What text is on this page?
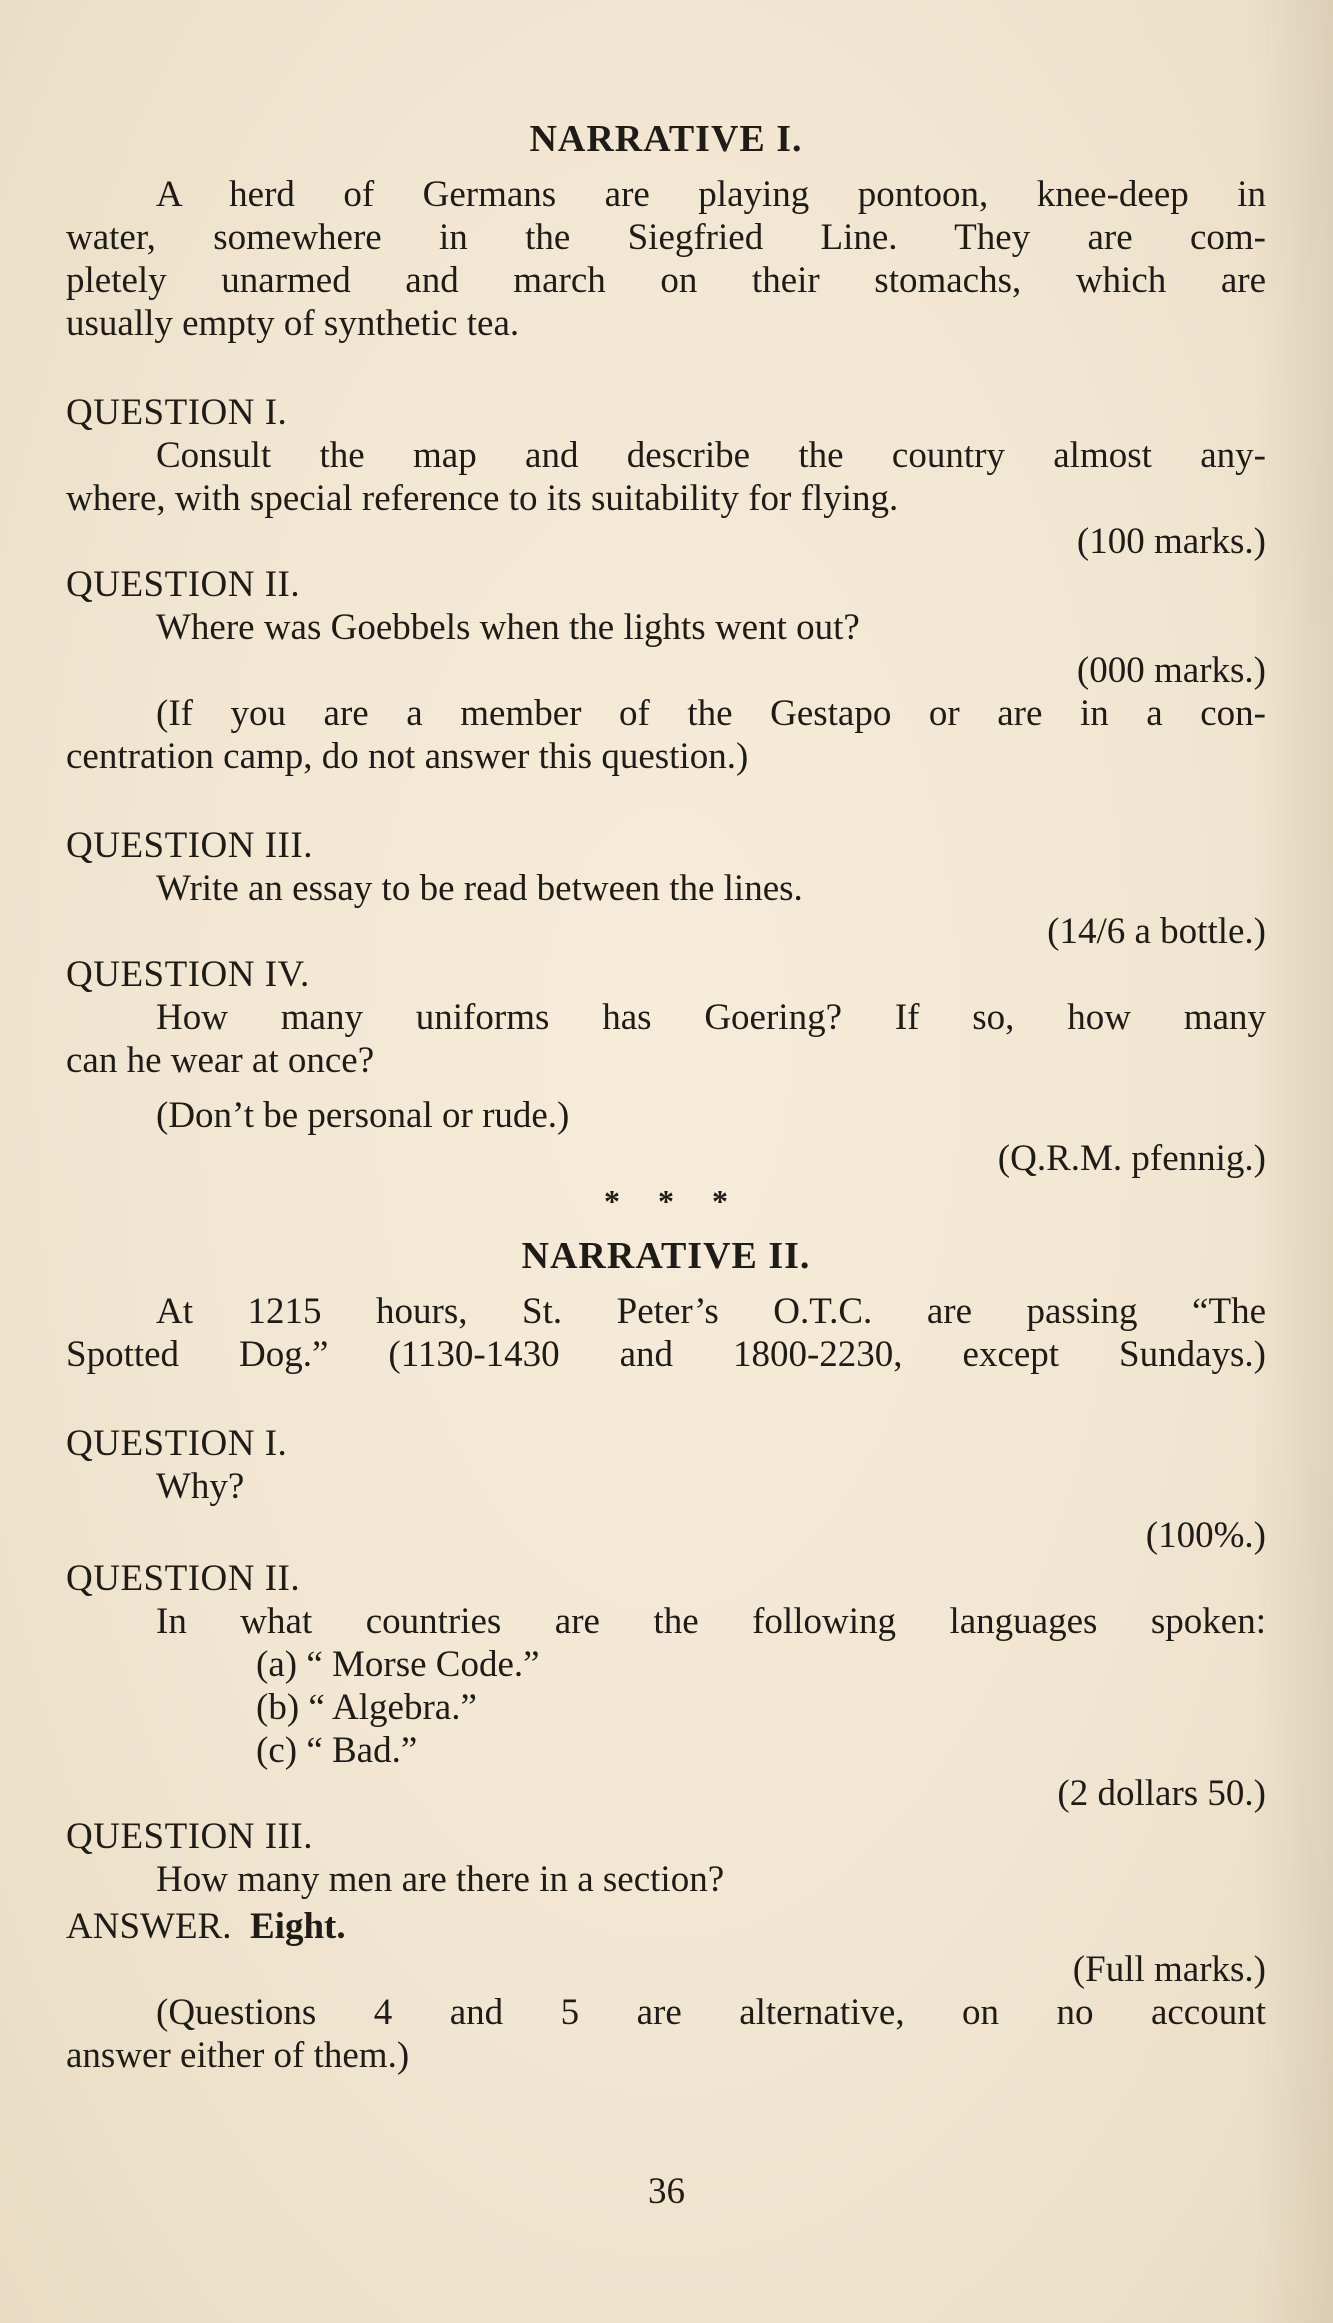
NARRATIVE I.
A herd of Germans are playing pontoon, knee-deep in
water, somewhere in the Siegfried Line. They are com-
pletely unarmed and march on their stomachs, which are
usually empty of synthetic tea.
QUESTION I.
Consult the map and describe the country almost any-
where, with special reference to its suitability for flying.
(100 marks.)
QUESTION II.
Where was Goebbels when the lights went out?
(000 marks.)
(If you are a member of the Gestapo or are in a con-
centration camp, do not answer this question.)
QUESTION III.
Write an essay to be read between the lines.
(14/6 a bottle.)
QUESTION IV.
How many uniforms has Goering? If so, how many
can he wear at once?
(Don’t be personal or rude.)
(Q.R.M. pfennig.)
* * *
NARRATIVE II.
At 1215 hours, St. Peter’s O.T.C. are passing “The
Spotted Dog.” (1130-1430 and 1800-2230, except Sundays.)
QUESTION I.
Why?
(100%.)
QUESTION II.
In what countries are the following languages spoken:
(a) “ Morse Code.”
(b) “ Algebra.”
(c) “ Bad.”
(2 dollars 50.)
QUESTION III.
How many men are there in a section?
ANSWER. Eight.
(Full marks.)
(Questions 4 and 5 are alternative, on no account
answer either of them.)
36
